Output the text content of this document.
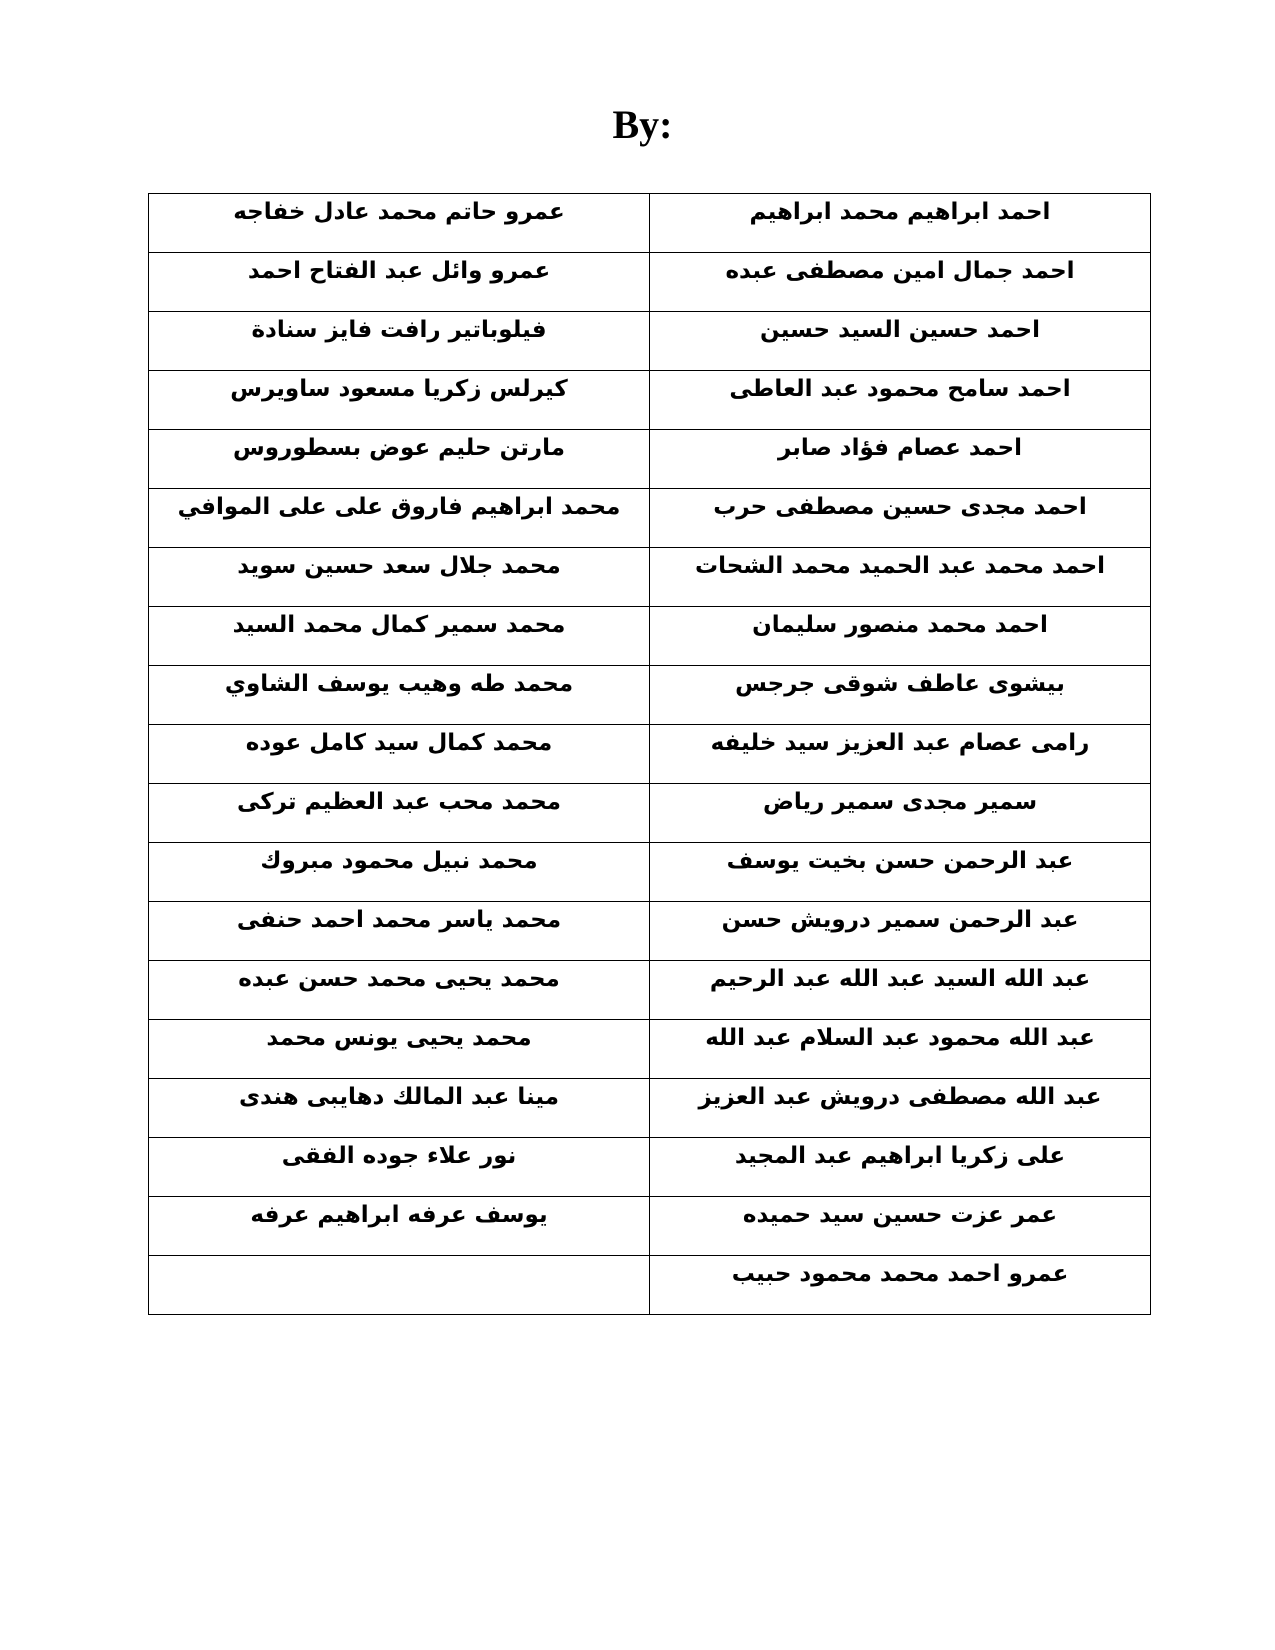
By:
عمرو حاتم محمد عادل خفاجه	احمد ابراهيم محمد ابراهيم
عمرو وائل عبد الفتاح احمد	احمد جمال امين مصطفى عبده
فيلوباتير رافت فايز سنادة	احمد حسين السيد حسين
كيرلس زكريا مسعود ساويرس	احمد سامح محمود عبد العاطى
مارتن حليم عوض بسطوروس	احمد عصام فؤاد صابر
محمد ابراهيم فاروق على على الموافي	احمد مجدى حسين مصطفى حرب
محمد جلال سعد حسين سويد	احمد محمد عبد الحميد محمد الشحات
محمد سمير كمال محمد السيد	احمد محمد منصور سليمان
محمد طه وهيب يوسف الشاوي	بيشوى عاطف شوقى جرجس
محمد كمال سيد كامل عوده	رامى عصام عبد العزيز سيد خليفه
محمد محب عبد العظيم تركى	سمير مجدى سمير رياض
محمد نبيل محمود مبروك	عبد الرحمن حسن بخيت يوسف
محمد ياسر محمد احمد حنفى	عبد الرحمن سمير درويش حسن
محمد يحيى محمد حسن عبده	عبد الله السيد عبد الله عبد الرحيم
محمد يحيى يونس محمد	عبد الله محمود عبد السلام عبد الله
مينا عبد المالك دهايبى هندى	عبد الله مصطفى درويش عبد العزيز
نور علاء جوده الفقى	على زكريا ابراهيم عبد المجيد
يوسف عرفه ابراهيم عرفه	عمر عزت حسين سيد حميده
	عمرو احمد محمد محمود حبيب
